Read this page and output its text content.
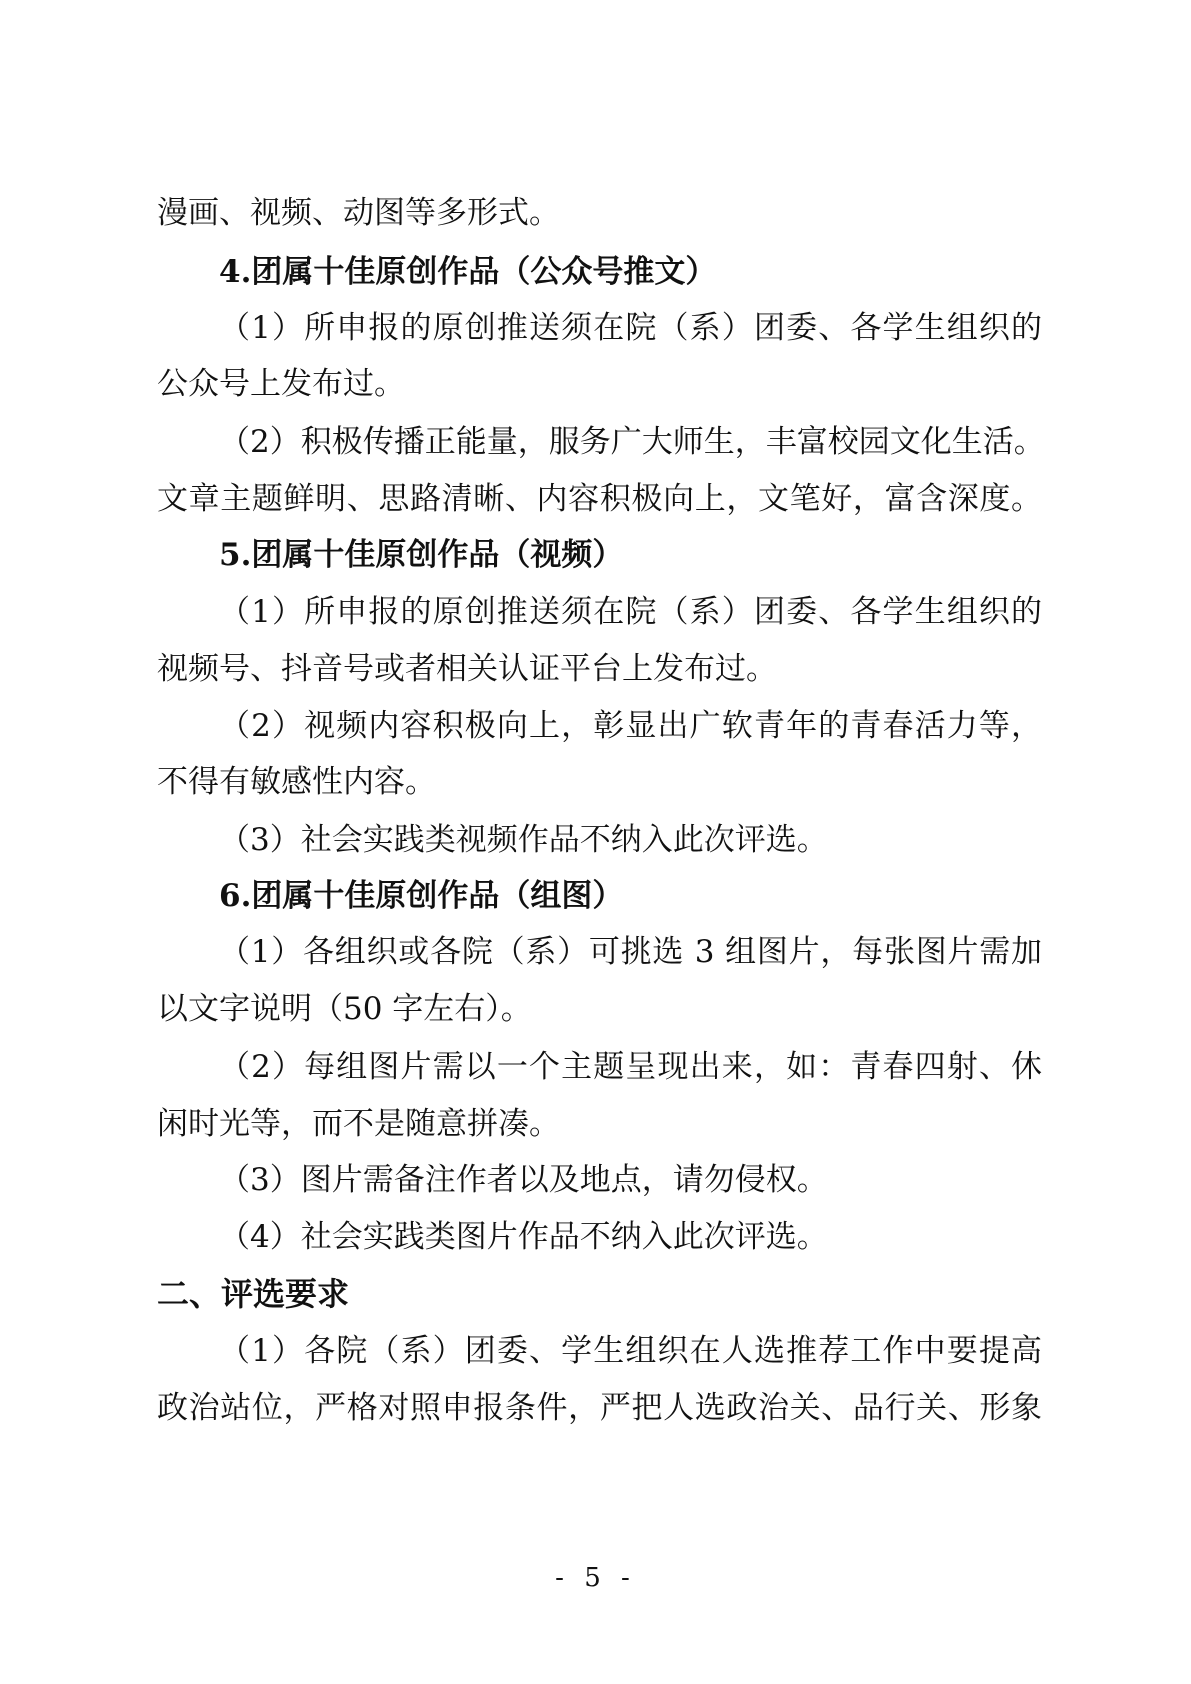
漫画、视频、动图等多形式。
4.团属十佳原创作品（公众号推文）
（1）所申报的原创推送须在院（系）团委、各学生组织的
公众号上发布过。
（2）积极传播正能量，服务广大师生，丰富校园文化生活。
文章主题鲜明、思路清晰、内容积极向上，文笔好，富含深度。
5.团属十佳原创作品（视频）
（1）所申报的原创推送须在院（系）团委、各学生组织的
视频号、抖音号或者相关认证平台上发布过。
（2）视频内容积极向上，彰显出广软青年的青春活力等，
不得有敏感性内容。
（3）社会实践类视频作品不纳入此次评选。
6.团属十佳原创作品（组图）
（1）各组织或各院（系）可挑选 3 组图片，每张图片需加
以文字说明（50 字左右）。
（2）每组图片需以一个主题呈现出来，如：青春四射、休
闲时光等，而不是随意拼凑。
（3）图片需备注作者以及地点，请勿侵权。
（4）社会实践类图片作品不纳入此次评选。
二、评选要求
（1）各院（系）团委、学生组织在人选推荐工作中要提高
政治站位，严格对照申报条件，严把人选政治关、品行关、形象
- 5 -
